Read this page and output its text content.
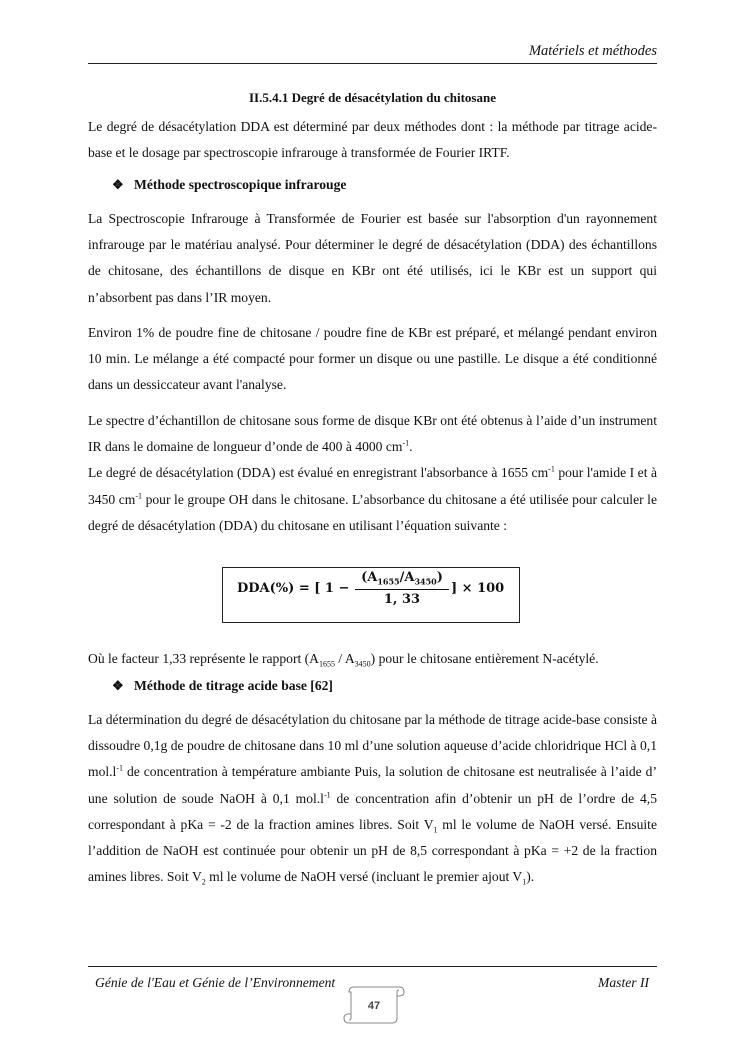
Matériels et méthodes
II.5.4.1 Degré de désacétylation du chitosane

Le degré de désacétylation DDA est déterminé par deux méthodes dont : la méthode par titrage acide-base et le dosage par spectroscopie infrarouge à transformée de Fourier IRTF.

❖ Méthode spectroscopique infrarouge

La Spectroscopie Infrarouge à Transformée de Fourier est basée sur l'absorption d'un rayonnement infrarouge par le matériau analysé. Pour déterminer le degré de désacétylation (DDA) des échantillons de chitosane, des échantillons de disque en KBr ont été utilisés, ici le KBr est un support qui n’absorbent pas dans l’IR moyen.

Environ 1% de poudre fine de chitosane / poudre fine de KBr est préparé, et mélangé pendant environ 10 min. Le mélange a été compacté pour former un disque ou une pastille. Le disque a été conditionné dans un dessiccateur avant l'analyse.

Le spectre d’échantillon de chitosane sous forme de disque KBr ont été obtenus à l’aide d’un instrument IR dans le domaine de longueur d’onde de 400 à 4000 $cm^{-1}$.
Le degré de désacétylation (DDA) est évalué en enregistrant l'absorbance à 1655 $cm^{-1}$ pour l'amide I et à 3450 $cm^{-1}$ pour le groupe OH dans le chitosane. L’absorbance du chitosane a été utilisée pour calculer le degré de désacétylation (DDA) du chitosane en utilisant l’équation suivante :

DDA(%) = [ $1 - \frac{(A_{1655}/A_{3450})}{1, 33}$ ] × 100

Où le facteur 1,33 représente le rapport $(A_{1655} / A_{3450})$ pour le chitosane entièrement N-acétylé.

❖ Méthode de titrage acide base [62]

La détermination du degré de désacétylation du chitosane par la méthode de titrage acide-base consiste à dissoudre 0,1g de poudre de chitosane dans 10 ml d’une solution aqueuse d’acide chloridrique HCl à 0,1 $mol.l^{-1}$ de concentration à température ambiante Puis, la solution de chitosane est neutralisée à l’aide d’ une solution de soude NaOH à 0,1 $mol.l^{-1}$ de concentration afin d’obtenir un pH de l’ordre de 4,5 correspondant à pKa = -2 de la fraction amines libres. Soit $V_1$ ml le volume de NaOH versé. Ensuite l’addition de NaOH est continuée pour obtenir un pH de 8,5 correspondant à pKa = +2 de la fraction amines libres. Soit $V_2$ ml le volume de NaOH versé (incluant le premier ajout $V_1$).

Génie de l'Eau et Génie de l’Environnement	Master II
47
